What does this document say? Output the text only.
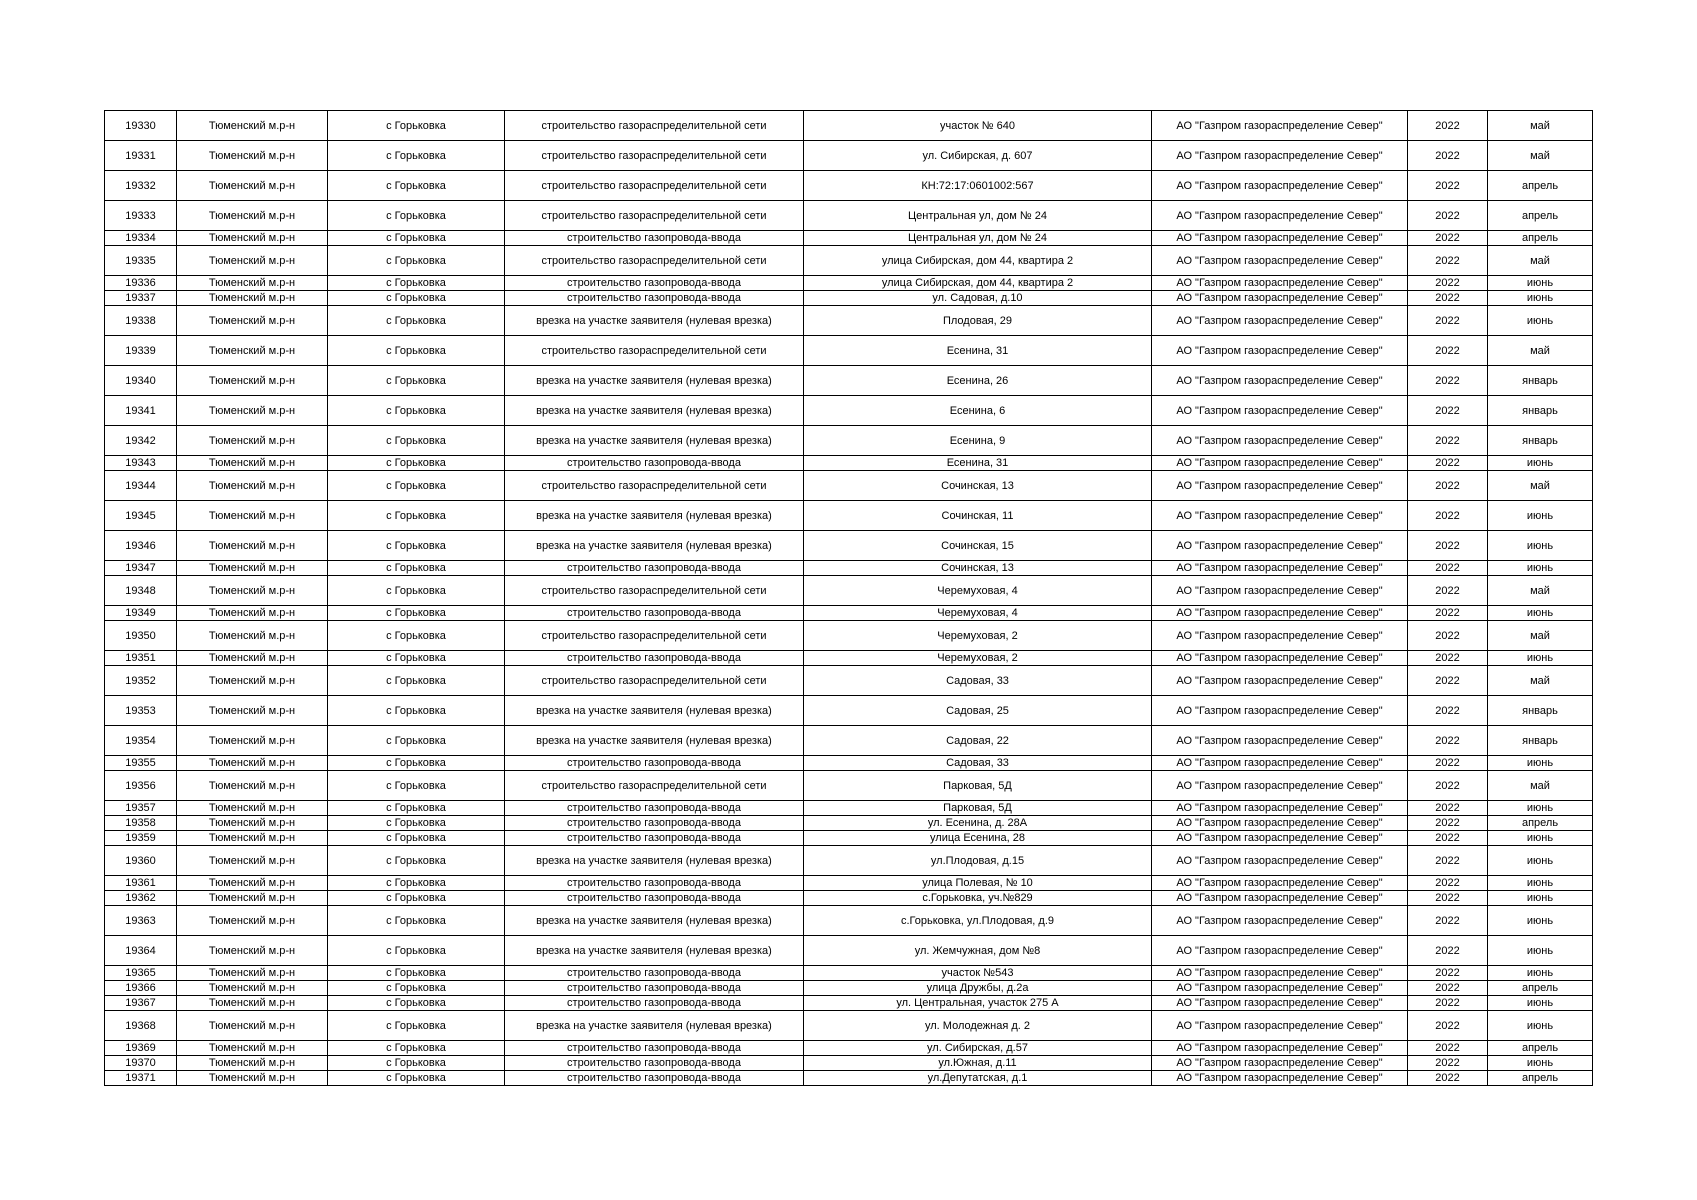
19330	Тюменский м.р-н	с Горьковка	строительство газораспределительной сети	участок № 640	АО "Газпром газораспределение Север"	2022	май
19331	Тюменский м.р-н	с Горьковка	строительство газораспределительной сети	ул. Сибирская, д. 607	АО "Газпром газораспределение Север"	2022	май
19332	Тюменский м.р-н	с Горьковка	строительство газораспределительной сети	КН:72:17:0601002:567	АО "Газпром газораспределение Север"	2022	апрель
19333	Тюменский м.р-н	с Горьковка	строительство газораспределительной сети	Центральная ул, дом № 24	АО "Газпром газораспределение Север"	2022	апрель
19334	Тюменский м.р-н	с Горьковка	строительство газопровода-ввода	Центральная ул, дом № 24	АО "Газпром газораспределение Север"	2022	апрель
19335	Тюменский м.р-н	с Горьковка	строительство газораспределительной сети	улица Сибирская, дом 44, квартира 2	АО "Газпром газораспределение Север"	2022	май
19336	Тюменский м.р-н	с Горьковка	строительство газопровода-ввода	улица Сибирская, дом 44, квартира 2	АО "Газпром газораспределение Север"	2022	июнь
19337	Тюменский м.р-н	с Горьковка	строительство газопровода-ввода	ул. Садовая, д.10	АО "Газпром газораспределение Север"	2022	июнь
19338	Тюменский м.р-н	с Горьковка	врезка на участке заявителя (нулевая врезка)	Плодовая, 29	АО "Газпром газораспределение Север"	2022	июнь
19339	Тюменский м.р-н	с Горьковка	строительство газораспределительной сети	Есенина, 31	АО "Газпром газораспределение Север"	2022	май
19340	Тюменский м.р-н	с Горьковка	врезка на участке заявителя (нулевая врезка)	Есенина, 26	АО "Газпром газораспределение Север"	2022	январь
19341	Тюменский м.р-н	с Горьковка	врезка на участке заявителя (нулевая врезка)	Есенина, 6	АО "Газпром газораспределение Север"	2022	январь
19342	Тюменский м.р-н	с Горьковка	врезка на участке заявителя (нулевая врезка)	Есенина, 9	АО "Газпром газораспределение Север"	2022	январь
19343	Тюменский м.р-н	с Горьковка	строительство газопровода-ввода	Есенина, 31	АО "Газпром газораспределение Север"	2022	июнь
19344	Тюменский м.р-н	с Горьковка	строительство газораспределительной сети	Сочинская, 13	АО "Газпром газораспределение Север"	2022	май
19345	Тюменский м.р-н	с Горьковка	врезка на участке заявителя (нулевая врезка)	Сочинская, 11	АО "Газпром газораспределение Север"	2022	июнь
19346	Тюменский м.р-н	с Горьковка	врезка на участке заявителя (нулевая врезка)	Сочинская, 15	АО "Газпром газораспределение Север"	2022	июнь
19347	Тюменский м.р-н	с Горьковка	строительство газопровода-ввода	Сочинская, 13	АО "Газпром газораспределение Север"	2022	июнь
19348	Тюменский м.р-н	с Горьковка	строительство газораспределительной сети	Черемуховая, 4	АО "Газпром газораспределение Север"	2022	май
19349	Тюменский м.р-н	с Горьковка	строительство газопровода-ввода	Черемуховая, 4	АО "Газпром газораспределение Север"	2022	июнь
19350	Тюменский м.р-н	с Горьковка	строительство газораспределительной сети	Черемуховая, 2	АО "Газпром газораспределение Север"	2022	май
19351	Тюменский м.р-н	с Горьковка	строительство газопровода-ввода	Черемуховая, 2	АО "Газпром газораспределение Север"	2022	июнь
19352	Тюменский м.р-н	с Горьковка	строительство газораспределительной сети	Садовая, 33	АО "Газпром газораспределение Север"	2022	май
19353	Тюменский м.р-н	с Горьковка	врезка на участке заявителя (нулевая врезка)	Садовая, 25	АО "Газпром газораспределение Север"	2022	январь
19354	Тюменский м.р-н	с Горьковка	врезка на участке заявителя (нулевая врезка)	Садовая, 22	АО "Газпром газораспределение Север"	2022	январь
19355	Тюменский м.р-н	с Горьковка	строительство газопровода-ввода	Садовая, 33	АО "Газпром газораспределение Север"	2022	июнь
19356	Тюменский м.р-н	с Горьковка	строительство газораспределительной сети	Парковая, 5Д	АО "Газпром газораспределение Север"	2022	май
19357	Тюменский м.р-н	с Горьковка	строительство газопровода-ввода	Парковая, 5Д	АО "Газпром газораспределение Север"	2022	июнь
19358	Тюменский м.р-н	с Горьковка	строительство газопровода-ввода	ул. Есенина, д. 28А	АО "Газпром газораспределение Север"	2022	апрель
19359	Тюменский м.р-н	с Горьковка	строительство газопровода-ввода	улица Есенина, 28	АО "Газпром газораспределение Север"	2022	июнь
19360	Тюменский м.р-н	с Горьковка	врезка на участке заявителя (нулевая врезка)	ул.Плодовая, д.15	АО "Газпром газораспределение Север"	2022	июнь
19361	Тюменский м.р-н	с Горьковка	строительство газопровода-ввода	улица Полевая, № 10	АО "Газпром газораспределение Север"	2022	июнь
19362	Тюменский м.р-н	с Горьковка	строительство газопровода-ввода	с.Горьковка, уч.№829	АО "Газпром газораспределение Север"	2022	июнь
19363	Тюменский м.р-н	с Горьковка	врезка на участке заявителя (нулевая врезка)	с.Горьковка, ул.Плодовая, д.9	АО "Газпром газораспределение Север"	2022	июнь
19364	Тюменский м.р-н	с Горьковка	врезка на участке заявителя (нулевая врезка)	ул. Жемчужная, дом №8	АО "Газпром газораспределение Север"	2022	июнь
19365	Тюменский м.р-н	с Горьковка	строительство газопровода-ввода	участок №543	АО "Газпром газораспределение Север"	2022	июнь
19366	Тюменский м.р-н	с Горьковка	строительство газопровода-ввода	улица Дружбы, д.2а	АО "Газпром газораспределение Север"	2022	апрель
19367	Тюменский м.р-н	с Горьковка	строительство газопровода-ввода	ул. Центральная, участок 275 А	АО "Газпром газораспределение Север"	2022	июнь
19368	Тюменский м.р-н	с Горьковка	врезка на участке заявителя (нулевая врезка)	ул. Молодежная д. 2	АО "Газпром газораспределение Север"	2022	июнь
19369	Тюменский м.р-н	с Горьковка	строительство газопровода-ввода	ул. Сибирская, д.57	АО "Газпром газораспределение Север"	2022	апрель
19370	Тюменский м.р-н	с Горьковка	строительство газопровода-ввода	ул.Южная, д.11	АО "Газпром газораспределение Север"	2022	июнь
19371	Тюменский м.р-н	с Горьковка	строительство газопровода-ввода	ул.Депутатская, д.1	АО "Газпром газораспределение Север"	2022	апрель
